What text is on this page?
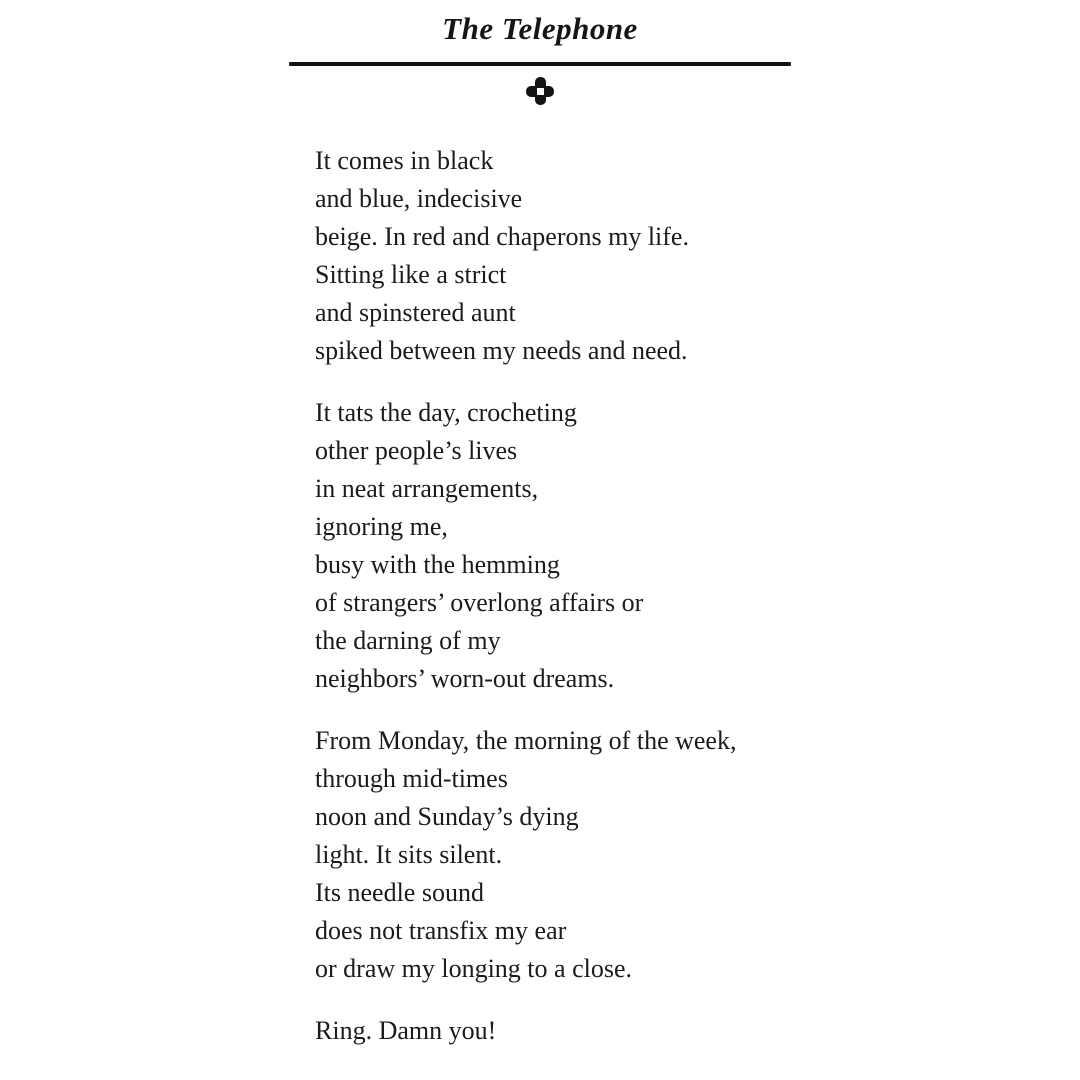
The Telephone
It comes in black
and blue, indecisive
beige. In red and chaperons my life.
Sitting like a strict
and spinstered aunt
spiked between my needs and need.
It tats the day, crocheting
other people’s lives
in neat arrangements,
ignoring me,
busy with the hemming
of strangers’ overlong affairs or
the darning of my
neighbors’ worn-out dreams.
From Monday, the morning of the week,
through mid-times
noon and Sunday’s dying
light. It sits silent.
Its needle sound
does not transfix my ear
or draw my longing to a close.
Ring. Damn you!
